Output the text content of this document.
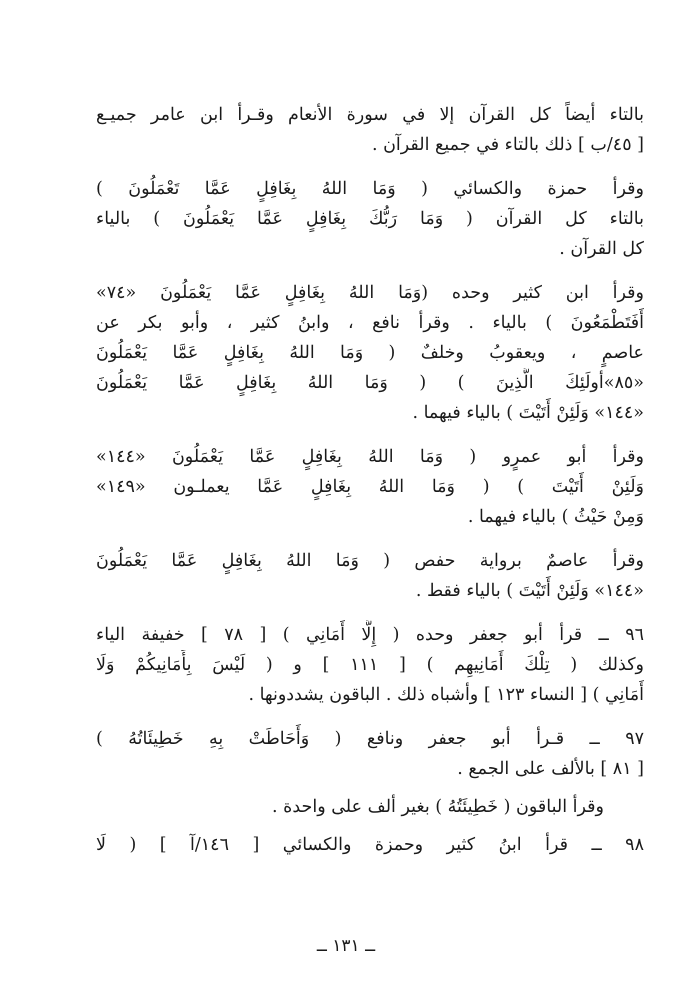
بالتاء أيضاً كل القرآن إلا في سورة الأنعام وقـرأ ابن عامر جميـع
[ ٤٥/ب ] ذلك بالتاء في جميع القرآن .
وقرأ حمزة والكسائي ( وَمَا اللهُ بِغَافِلٍ عَمَّا تَعْمَلُونَ )
بالتاء كل القرآن ( وَمَا رَبُّكَ بِغَافِلٍ عَمَّا يَعْمَلُونَ ) بالياء
كل القرآن .
وقرأ ابن كثير وحده (وَمَا اللهُ بِغَافِلٍ عَمَّا يَعْمَلُونَ «٧٤»
أَفَتَطْمَعُونَ ) بالياء . وقرأ نافع ، وابنُ كثير ، وأبو بكر عن
عاصمٍ ، ويعقوبُ وخلفٌ ( وَمَا اللهُ بِغَافِلٍ عَمَّا يَعْمَلُونَ
«٨٥»أولَئِكَ الَّذِينَ ) ( وَمَا اللهُ بِغَافِلٍ عَمَّا يَعْمَلُونَ
«١٤٤» وَلَئِنْ أَتَيْتَ ) بالياء فيهما .
وقرأ أبو عمرٍو ( وَمَا اللهُ بِغَافِلٍ عَمَّا يَعْمَلُونَ «١٤٤»
وَلَئِنْ أَتَيْتَ ) ( وَمَا اللهُ بِغَافِلٍ عَمَّا يعملـون «١٤٩»
وَمِنْ حَيْثُ ) بالياء فيهما .
وقرأ عاصمٌ برواية حفص ( وَمَا اللهُ بِغَافِلٍ عَمَّا يَعْمَلُونَ
«١٤٤» وَلَئِنْ أَتَيْتَ ) بالياء فقط .
٩٦ ــ قرأ أبو جعفر وحده ( إِلَّا أَمَانِي ) [ ٧٨ ] خفيفة الياء
وكذلك ( تِلْكَ أَمَانِيهِم ) [ ١١١ ] و ( لَيْسَ بِأَمَانِيكُمْ وَلَا
أَمَانِي ) [ النساء ١٢٣ ] وأشباه ذلك . الباقون يشددونها .
٩٧ ــ قـرأ أبو جعفر ونافع ( وَأَحَاطَتْ بِهِ خَطِيئَاتُهُ )
[ ٨١ ] بالألف على الجمع .
وقرأ الباقون ( خَطِيئَتُهُ ) بغير ألف على واحدة .
٩٨ ــ قرأ ابنُ كثير وحمزة والكسائي [ ١٤٦/آ ] ( لَا
ــ ١٣١ ــ
